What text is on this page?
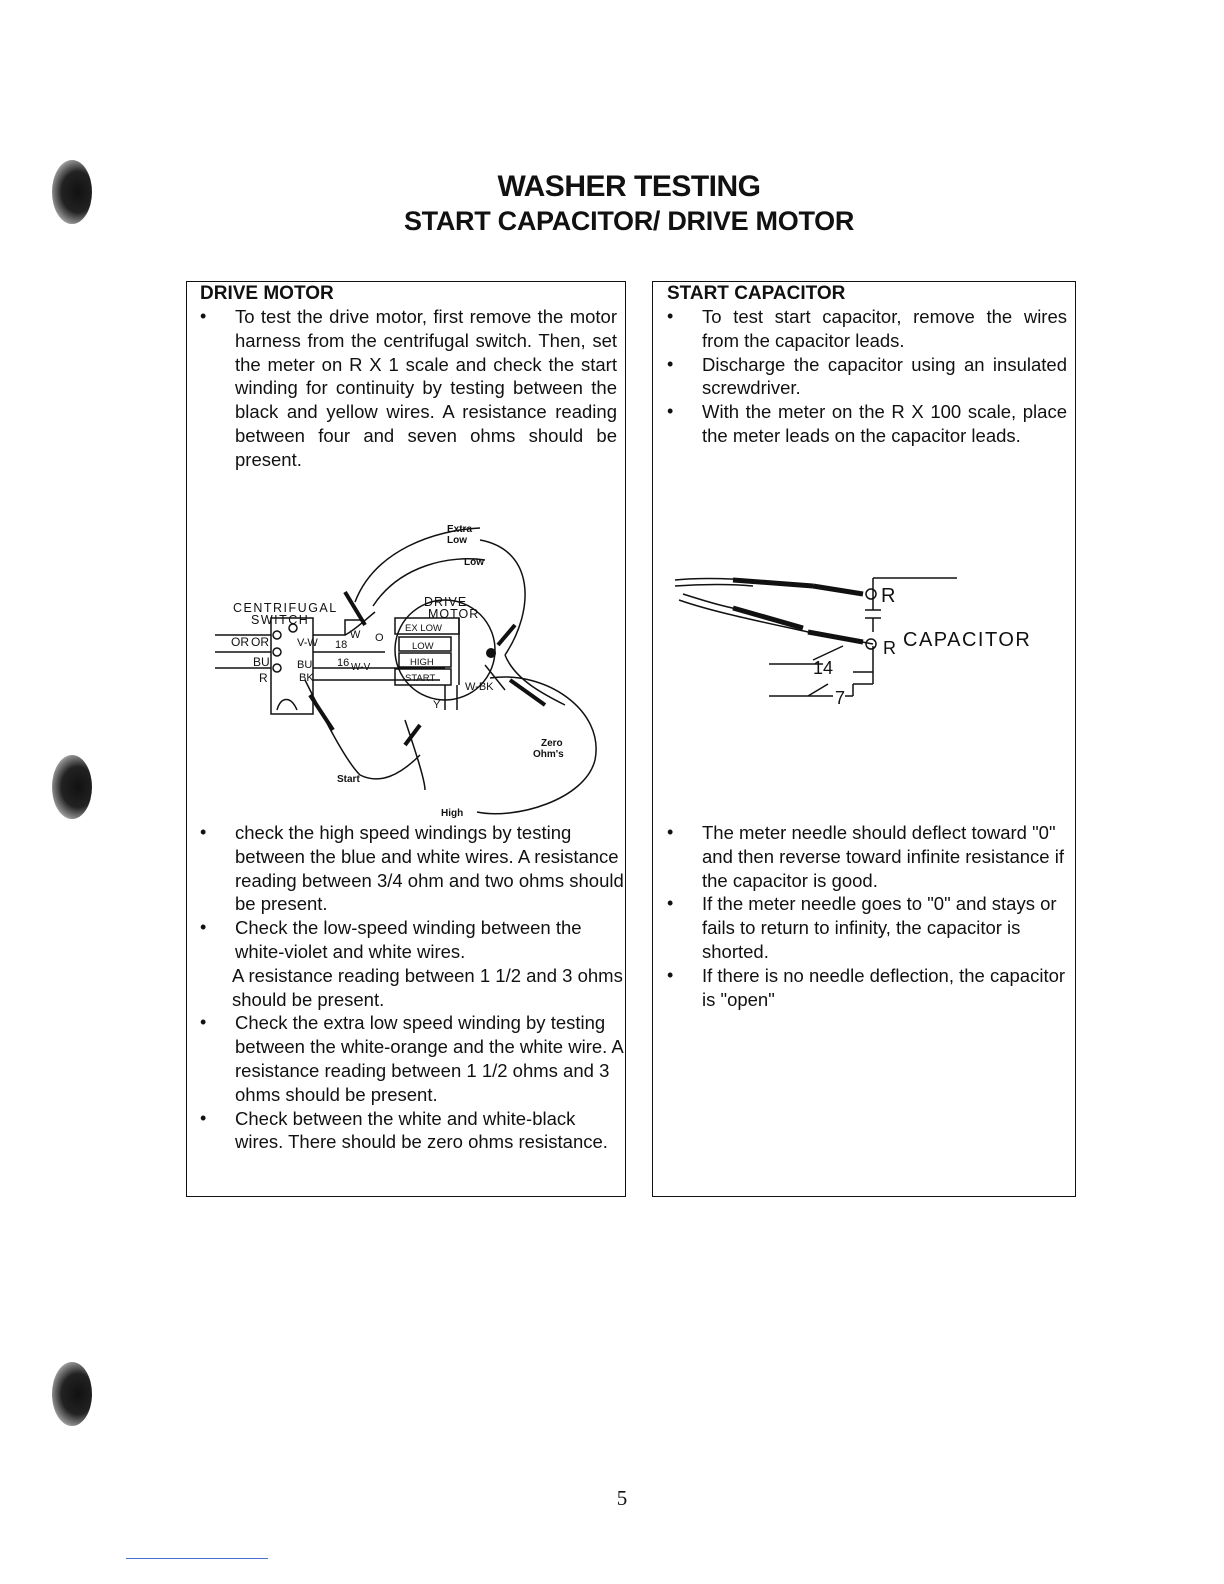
WASHER TESTING
START CAPACITOR/ DRIVE MOTOR
DRIVE MOTOR
• To test the drive motor, first remove the motor harness from the centrifugal switch. Then, set the meter on R X 1 scale and check the start winding for continuity by testing between the black and yellow wires. A resistance reading between four and seven ohms should be present.
Extra
Low
Low
CENTRIFUGAL
SWITCH
DRIVE
MOTOR
OR OR
BU
R
V-W
BU
BK
W O
18
16 W-V
EX LOW
LOW
HIGH
START
Y
W-BK
Zero
Ohm's
Start
High
• check the high speed windings by testing between the blue and white wires. A resistance reading between 3/4 ohm and two ohms should be present.
• Check the low-speed winding between the white-violet and white wires.
A resistance reading between 1 1/2 and 3 ohms should be present.
• Check the extra low speed winding by testing between the white-orange and the white wire. A resistance reading between 1 1/2 ohms and 3 ohms should be present.
• Check between the white and white-black wires. There should be zero ohms resistance.
START CAPACITOR
• To test start capacitor, remove the wires from the capacitor leads.
• Discharge the capacitor using an insulated screwdriver.
• With the meter on the R X 100 scale, place the meter leads on the capacitor leads.
R
R CAPACITOR
14
7
• The meter needle should deflect toward "0" and then reverse toward infinite resistance if the capacitor is good.
• If the meter needle goes to "0" and stays or fails to return to infinity, the capacitor is shorted.
• If there is no needle deflection, the capacitor is "open"
5
